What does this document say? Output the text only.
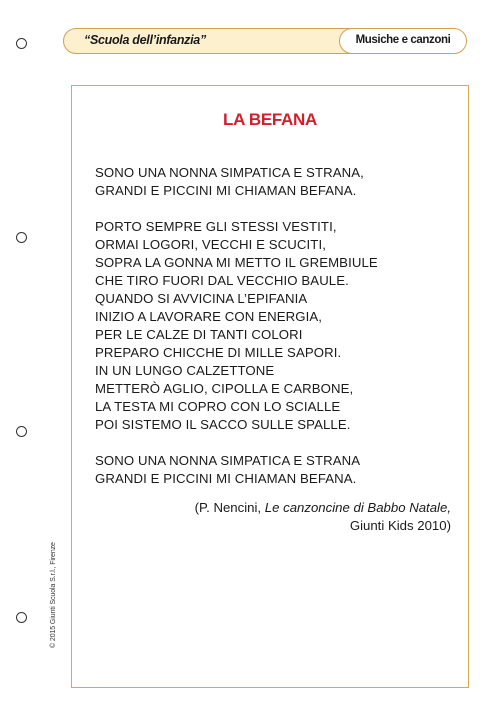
“Scuola dell’infanzia”	Musiche e canzoni
LA BEFANA
SONO UNA NONNA SIMPATICA E STRANA,
GRANDI E PICCINI MI CHIAMAN BEFANA.
PORTO SEMPRE GLI STESSI VESTITI,
ORMAI LOGORI, VECCHI E SCUCITI,
SOPRA LA GONNA MI METTO IL GREMBIULE
CHE TIRO FUORI DAL VECCHIO BAULE.
QUANDO SI AVVICINA L’EPIFANIA
INIZIO A LAVORARE CON ENERGIA,
PER LE CALZE DI TANTI COLORI
PREPARO CHICCHE DI MILLE SAPORI.
IN UN LUNGO CALZETTONE
METTERÒ AGLIO, CIPOLLA E CARBONE,
LA TESTA MI COPRO CON LO SCIALLE
POI SISTEMO IL SACCO SULLE SPALLE.
SONO UNA NONNA SIMPATICA E STRANA
GRANDI E PICCINI MI CHIAMAN BEFANA.
(P. Nencini, Le canzoncine di Babbo Natale,
Giunti Kids 2010)
© 2015 Giunti Scuola S.r.l., Firenze
